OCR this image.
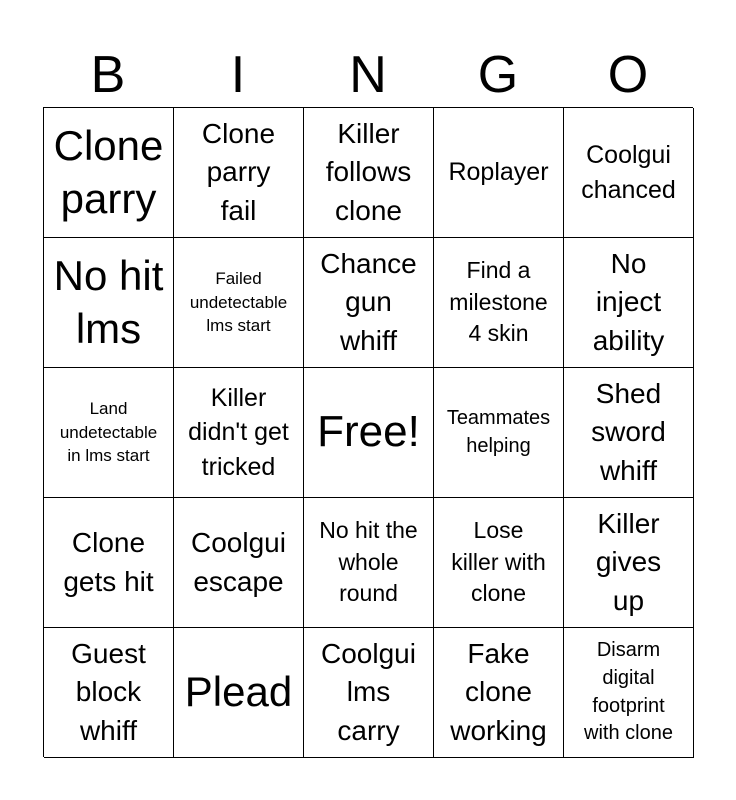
B	I	N	G	O
Clone
parry
Clone
parry
fail
Killer
follows
clone
Roplayer
Coolgui
chanced
No hit
lms
Failed
undetectable
lms start
Chance
gun
whiff
Find a
milestone
4 skin
No
inject
ability
Land
undetectable
in lms start
Killer
didn't get
tricked
Free! Teammates
helping
Shed
sword
whiff
Clone
gets hit
Coolgui
escape
No hit the
whole
round
Lose
killer with
clone
Killer
gives
up
Guest
block
whiff
Plead
Coolgui
lms
carry
Fake
clone
working
Disarm
digital
footprint
with clone
